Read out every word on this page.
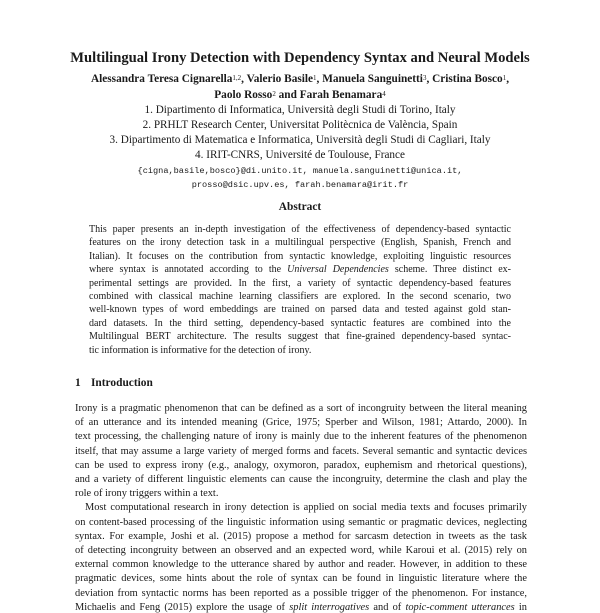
Multilingual Irony Detection with Dependency Syntax and Neural Models
Alessandra Teresa Cignarella$^{1,2}$, Valerio Basile$^1$, Manuela Sanguinetti$^3$, Cristina Bosco$^1$,
Paolo Rosso$^2$ and Farah Benamara$^4$
1. Dipartimento di Informatica, Università degli Studi di Torino, Italy
2. PRHLT Research Center, Universitat Politècnica de València, Spain
3. Dipartimento di Matematica e Informatica, Università degli Studi di Cagliari, Italy
4. IRIT-CNRS, Université de Toulouse, France
{cigna,basile,bosco}@di.unito.it, manuela.sanguinetti@unica.it,
prosso@dsic.upv.es, farah.benamara@irit.fr
Abstract
This paper presents an in-depth investigation of the effectiveness of dependency-based syntactic
features on the irony detection task in a multilingual perspective (English, Spanish, French and
Italian). It focuses on the contribution from syntactic knowledge, exploiting linguistic resources
where syntax is annotated according to the Universal Dependencies scheme. Three distinct ex-
perimental settings are provided. In the first, a variety of syntactic dependency-based features
combined with classical machine learning classifiers are explored. In the second scenario, two
well-known types of word embeddings are trained on parsed data and tested against gold stan-
dard datasets. In the third setting, dependency-based syntactic features are combined into the
Multilingual BERT architecture. The results suggest that fine-grained dependency-based syntac-
tic information is informative for the detection of irony.
1 Introduction
Irony is a pragmatic phenomenon that can be defined as a sort of incongruity between the literal meaning
of an utterance and its intended meaning (Grice, 1975; Sperber and Wilson, 1981; Attardo, 2000). In
text processing, the challenging nature of irony is mainly due to the inherent features of the phenomenon
itself, that may assume a large variety of merged forms and facets. Several semantic and syntactic devices
can be used to express irony (e.g., analogy, oxymoron, paradox, euphemism and rhetorical questions),
and a variety of different linguistic elements can cause the incongruity, determine the clash and play the
role of irony triggers within a text.
Most computational research in irony detection is applied on social media texts and focuses primarily
on content-based processing of the linguistic information using semantic or pragmatic devices, neglecting
syntax. For example, Joshi et al. (2015) propose a method for sarcasm detection in tweets as the task
of detecting incongruity between an observed and an expected word, while Karoui et al. (2015) rely on
external common knowledge to the utterance shared by author and reader. However, in addition to these
pragmatic devices, some hints about the role of syntax can be found in linguistic literature where the
deviation from syntactic norms has been reported as a possible trigger of the phenomenon. For instance,
Michaelis and Feng (2015) explore the usage of split interrogatives and of topic-comment utterances in
